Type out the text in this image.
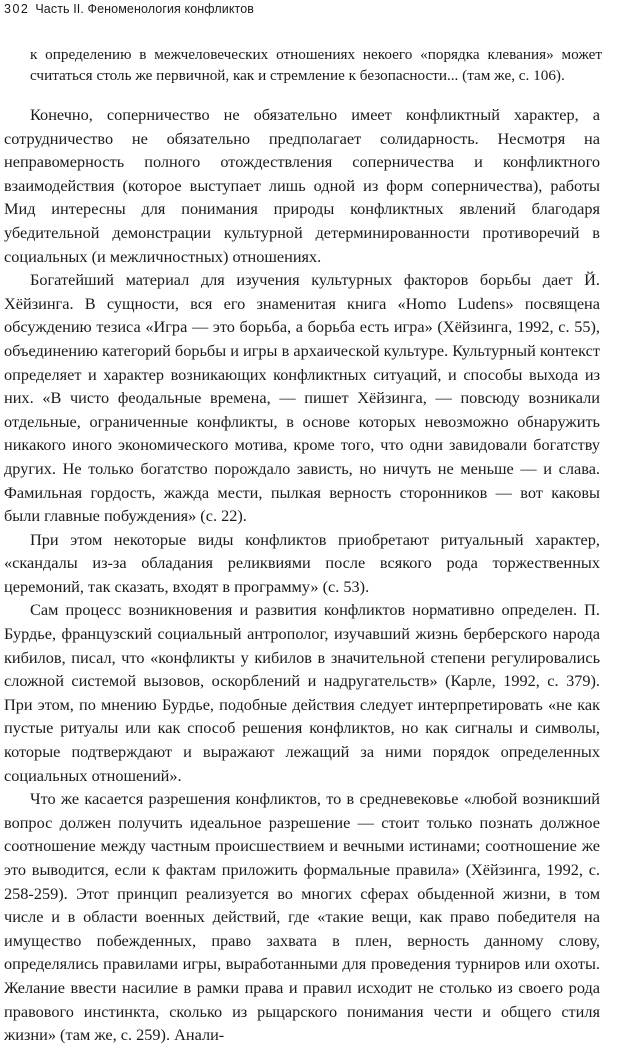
302 Часть II. Феноменология конфликтов

к определению в межчеловеческих отношениях некоего «порядка клевания» может считаться столь же первичной, как и стремление к безопасности... (там же, с. 106).

Конечно, соперничество не обязательно имеет конфликтный характер, а сотрудничество не обязательно предполагает солидарность. Несмотря на неправомерность полного отождествления соперничества и конфликтного взаимодействия (которое выступает лишь одной из форм соперничества), работы Мид интересны для понимания природы конфликтных явлений благодаря убедительной демонстрации культурной детерминированности противоречий в социальных (и межличностных) отношениях.

Богатейший материал для изучения культурных факторов борьбы дает Й. Хёйзинга. В сущности, вся его знаменитая книга «Homo Ludens» посвящена обсуждению тезиса «Игра — это борьба, а борьба есть игра» (Хёйзинга, 1992, с. 55), объединению категорий борьбы и игры в архаической культуре. Культурный контекст определяет и характер возникающих конфликтных ситуаций, и способы выхода из них. «В чисто феодальные времена, — пишет Хёйзинга, — повсюду возникали отдельные, ограниченные конфликты, в основе которых невозможно обнаружить никакого иного экономического мотива, кроме того, что одни завидовали богатству других. Не только богатство порождало зависть, но ничуть не меньше — и слава. Фамильная гордость, жажда мести, пылкая верность сторонников — вот каковы были главные побуждения» (с. 22).

При этом некоторые виды конфликтов приобретают ритуальный характер, «скандалы из-за обладания реликвиями после всякого рода торжественных церемоний, так сказать, входят в программу» (с. 53).

Сам процесс возникновения и развития конфликтов нормативно определен. П. Бурдье, французский социальный антрополог, изучавший жизнь берберского народа кибилов, писал, что «конфликты у кибилов в значительной степени регулировались сложной системой вызовов, оскорблений и надругательств» (Карле, 1992, с. 379). При этом, по мнению Бурдье, подобные действия следует интерпретировать «не как пустые ритуалы или как способ решения конфликтов, но как сигналы и символы, которые подтверждают и выражают лежащий за ними порядок определенных социальных отношений».

Что же касается разрешения конфликтов, то в средневековье «любой возникший вопрос должен получить идеальное разрешение — стоит только познать должное соотношение между частным происшествием и вечными истинами; соотношение же это выводится, если к фактам приложить формальные правила» (Хёйзинга, 1992, с. 258-259). Этот принцип реализуется во многих сферах обыденной жизни, в том числе и в области военных действий, где «такие вещи, как право победителя на имущество побежденных, право захвата в плен, верность данному слову, определялись правилами игры, выработанными для проведения турниров или охоты. Желание ввести насилие в рамки права и правил исходит не столько из своего рода правового инстинкта, сколько из рыцарского понимания чести и общего стиля жизни» (там же, с. 259). Анали-
